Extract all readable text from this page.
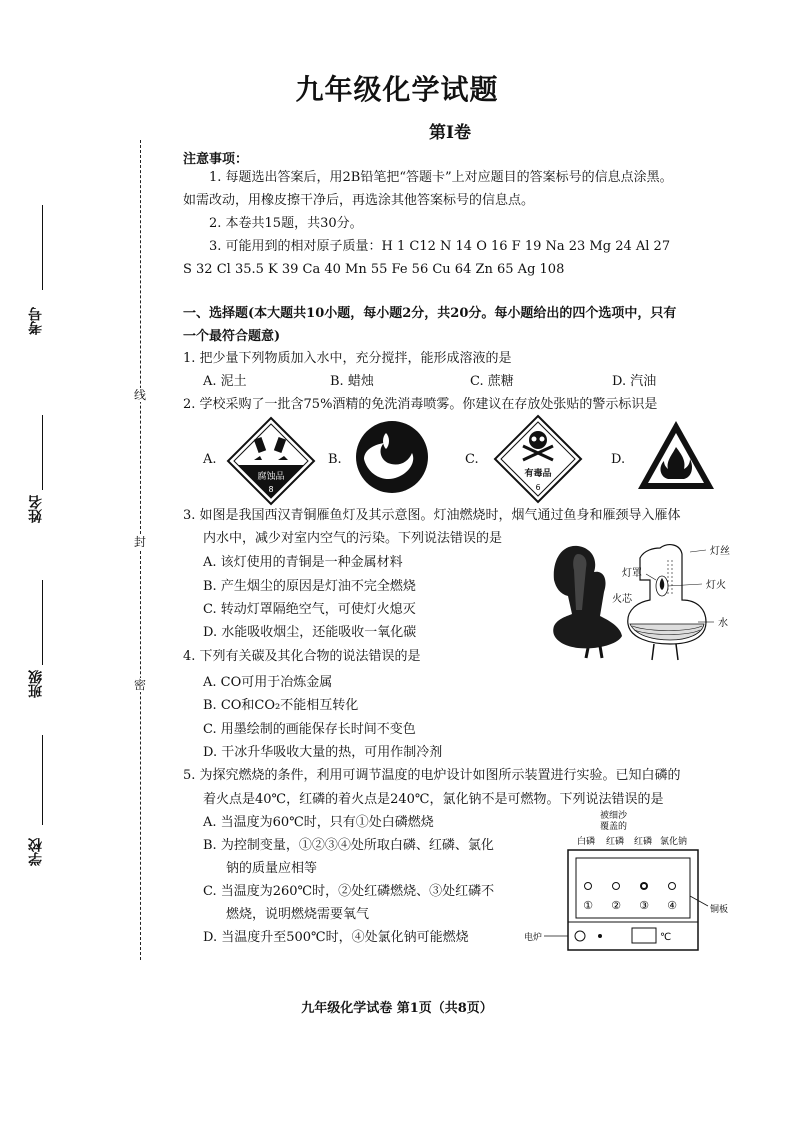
线
封
密
考号
姓名
班级
学校
九年级化学试题
第Ⅰ卷
注意事项：
1. 每题选出答案后，用2B铅笔把“答题卡”上对应题目的答案标号的信息点涂黑。
如需改动，用橡皮擦干净后，再选涂其他答案标号的信息点。
2. 本卷共15题，共30分。
3. 可能用到的相对原子质量：H 1 C12 N 14 O 16 F 19 Na 23 Mg 24 Al 27
S 32 Cl 35.5 K 39 Ca 40 Mn 55 Fe 56 Cu 64 Zn 65 Ag 108
一、选择题(本大题共10小题，每小题2分，共20分。每小题给出的四个选项中，只有
一个最符合题意)
1. 把少量下列物质加入水中，充分搅拌，能形成溶液的是
A. 泥土	B. 蜡烛	C. 蔗糖	D. 汽油
2. 学校采购了一批含75%酒精的免洗消毒喷雾。你建议在存放处张贴的警示标识是
A.	B.	C.	D.
腐蚀品
8
有毒品
6
3. 如图是我国西汉青铜雁鱼灯及其示意图。灯油燃烧时，烟气通过鱼身和雁颈导入雁体
内水中，减少对室内空气的污染。下列说法错误的是
A. 该灯使用的青铜是一种金属材料
B. 产生烟尘的原因是灯油不完全燃烧
C. 转动灯罩隔绝空气，可使灯火熄灭
D. 水能吸收烟尘，还能吸收一氧化碳
灯丝
灯火
灯罩
火芯
水
4. 下列有关碳及其化合物的说法错误的是
A. CO可用于冶炼金属
B. CO和CO₂不能相互转化
C. 用墨绘制的画能保存长时间不变色
D. 干冰升华吸收大量的热，可用作制冷剂
5. 为探究燃烧的条件，利用可调节温度的电炉设计如图所示装置进行实验。已知白磷的
着火点是40℃，红磷的着火点是240℃，氯化钠不是可燃物。下列说法错误的是
A. 当温度为60℃时，只有①处白磷燃烧
B. 为控制变量，①②③④处所取白磷、红磷、氯化
钠的质量应相等
C. 当温度为260℃时，②处红磷燃烧、③处红磷不
燃烧，说明燃烧需要氧气
D. 当温度升至500℃时，④处氯化钠可能燃烧
被细沙
覆盖的
白磷 红磷 红磷 氯化钠
① ② ③ ④	铜板
℃
电炉
九年级化学试卷 第1页（共8页）
